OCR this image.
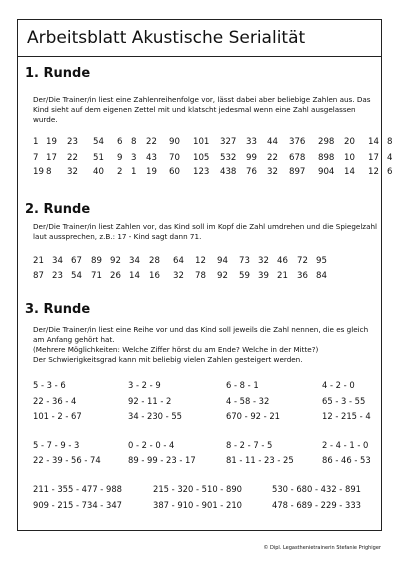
Arbeitsblatt Akustische Serialität
1. Runde
Der/Die Trainer/in liest eine Zahlenreihenfolge vor, lässt dabei aber beliebige Zahlen aus. Das Kind sieht auf dem eigenen Zettel mit und klatscht jedesmal wenn eine Zahl ausgelassen wurde.
1 19 23 54 6 8 22 90 101 327 33 44 376 298 20 14 8
7 17 22 51 9 3 43 70 105 532 99 22 678 898 10 17 4
19 8 32 40 2 1 19 60 123 438 76 32 897 904 14 12 6
2. Runde
Der/Die Trainer/in liest Zahlen vor, das Kind soll im Kopf die Zahl umdrehen und die Spiegelzahl laut aussprechen, z.B.: 17 - Kind sagt dann 71.
21 34 67 89 92 34 28 64 12 94 73 32 46 72 95
87 23 54 71 26 14 16 32 78 92 59 39 21 36 84
3. Runde
Der/Die Trainer/in liest eine Reihe vor und das Kind soll jeweils die Zahl nennen, die es gleich am Anfang gehört hat.
(Mehrere Möglichkeiten: Welche Ziffer hörst du am Ende? Welche in der Mitte?)
Der Schwierigkeitsgrad kann mit beliebig vielen Zahlen gesteigert werden.
5 - 3 - 6	3 - 2 - 9	6 - 8 - 1	4 - 2 - 0
22 - 36 - 4	92 - 11 - 2	4 - 58 - 32	65 - 3 - 55
101 - 2 - 67	34 - 230 - 55	670 - 92 - 21	12 - 215 - 4
5 - 7 - 9 - 3	0 - 2 - 0 - 4	8 - 2 - 7 - 5	2 - 4 - 1 - 0
22 - 39 - 56 - 74	89 - 99 - 23 - 17	81 - 11 - 23 - 25	86 - 46 - 53
211 - 355 - 477 - 988	215 - 320 - 510 - 890	530 - 680 - 432 - 891
909 - 215 - 734 - 347	387 - 910 - 901 - 210	478 - 689 - 229 - 333
© Dipl. Legasthenietrainerin Stefanie Prighiger
